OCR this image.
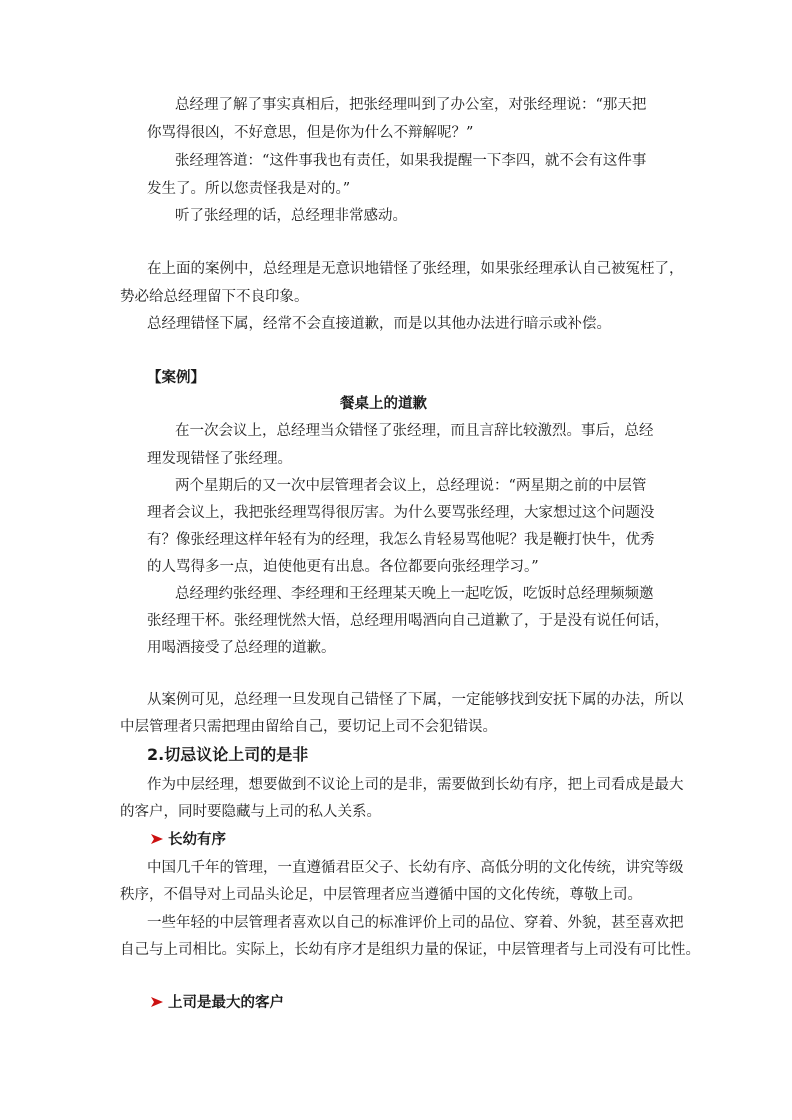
总经理了解了事实真相后，把张经理叫到了办公室，对张经理说：“那天把
你骂得很凶，不好意思，但是你为什么不辩解呢？”
张经理答道：“这件事我也有责任，如果我提醒一下李四，就不会有这件事
发生了。所以您责怪我是对的。”
听了张经理的话，总经理非常感动。
在上面的案例中，总经理是无意识地错怪了张经理，如果张经理承认自己被冤枉了，
势必给总经理留下不良印象。
总经理错怪下属，经常不会直接道歉，而是以其他办法进行暗示或补偿。
【案例】
餐桌上的道歉
在一次会议上，总经理当众错怪了张经理，而且言辞比较激烈。事后，总经
理发现错怪了张经理。
两个星期后的又一次中层管理者会议上，总经理说：“两星期之前的中层管
理者会议上，我把张经理骂得很厉害。为什么要骂张经理，大家想过这个问题没
有？像张经理这样年轻有为的经理，我怎么肯轻易骂他呢？我是鞭打快牛，优秀
的人骂得多一点，迫使他更有出息。各位都要向张经理学习。”
总经理约张经理、李经理和王经理某天晚上一起吃饭，吃饭时总经理频频邀
张经理干杯。张经理恍然大悟，总经理用喝酒向自己道歉了，于是没有说任何话，
用喝酒接受了总经理的道歉。
从案例可见，总经理一旦发现自己错怪了下属，一定能够找到安抚下属的办法，所以
中层管理者只需把理由留给自己，要切记上司不会犯错误。
2.切忌议论上司的是非
作为中层经理，想要做到不议论上司的是非，需要做到长幼有序，把上司看成是最大
的客户，同时要隐藏与上司的私人关系。
长幼有序
中国几千年的管理，一直遵循君臣父子、长幼有序、高低分明的文化传统，讲究等级
秩序，不倡导对上司品头论足，中层管理者应当遵循中国的文化传统，尊敬上司。
一些年轻的中层管理者喜欢以自己的标准评价上司的品位、穿着、外貌，甚至喜欢把
自己与上司相比。实际上，长幼有序才是组织力量的保证，中层管理者与上司没有可比性。
上司是最大的客户
